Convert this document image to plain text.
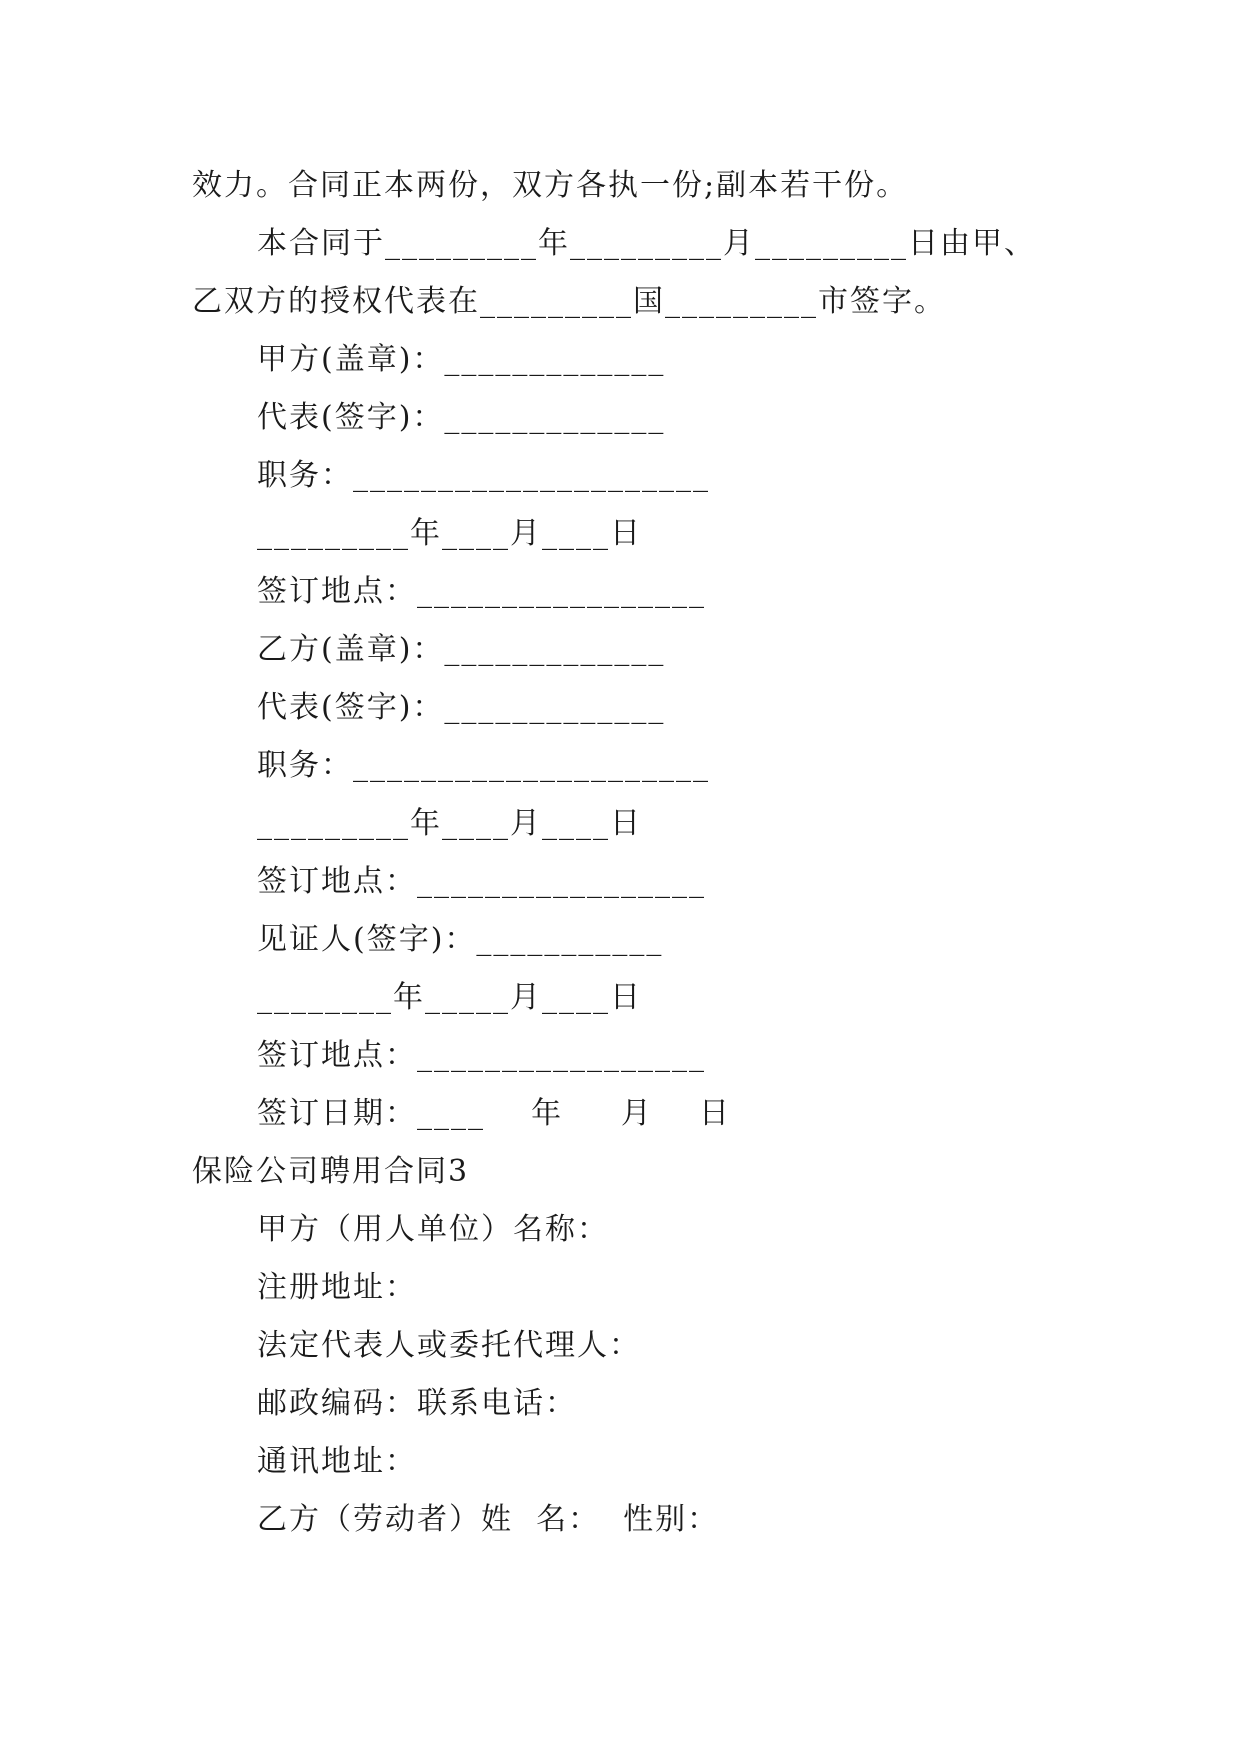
效力。合同正本两份，双方各执一份;副本若干份。
本合同于_________年_________月_________日由甲、
乙双方的授权代表在_________国_________市签字。
甲方(盖章)：_____________
代表(签字)：_____________
职务：_____________________
_________年____月____日
签订地点：_________________
乙方(盖章)：_____________
代表(签字)：_____________
职务：_____________________
_________年____月____日
签订地点：_________________
见证人(签字)：___________
________年_____月____日
签订地点：_________________
签订日期：____    年     月    日
保险公司聘用合同3
甲方（用人单位）名称：
注册地址：
法定代表人或委托代理人：
邮政编码：联系电话：
通讯地址：
乙方（劳动者）姓  名：  性别：
